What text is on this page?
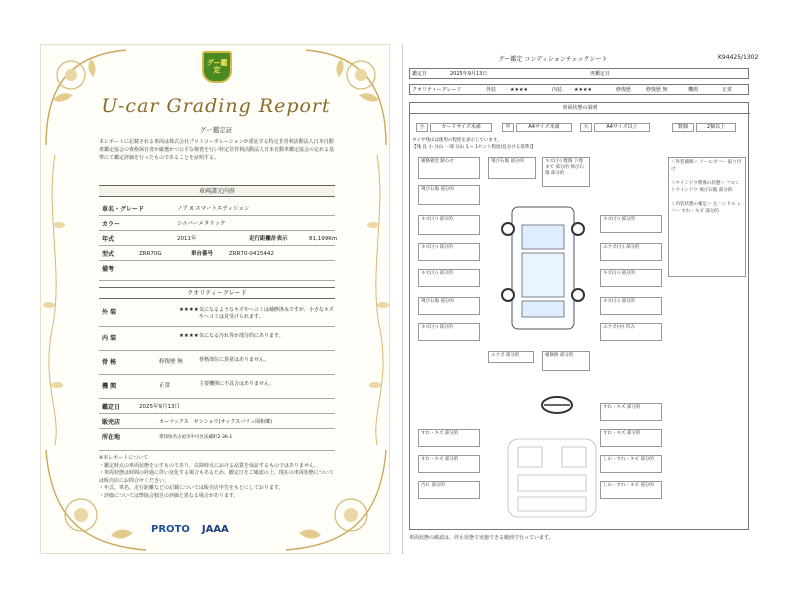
グー鑑定
U-car Grading Report
グー鑑定証
本レポートに記載される車両は株式会社プロトコーポレーションが委託する特定非営利活動法人日本自動車鑑定協会の資格保有者が厳選かつ公平な検査を行い特定非営利活動法人日本自動車鑑定協会の定める基準にて鑑定評価を行ったものであることを証明する。
車両諸元内容
車名・グレード	ノア X スマートエディション
カラー	シルバーメタリック
年式	2011年	走行距離計表示	81,199Km
型式	ZRR70G	車台番号	ZRR70-0415442
備考
クオリティーグレード
外 装	★★★★ 気になるようなキズやヘコミは補修済みですが、小さなキズやヘコミは見受けられます。
内 装	★★★★ 気になる汚れ等が部分的にあります。
骨 格	修復歴 無	骨格部位に異常はありません。
機 関	正常	主要機関に不具合はありません。
鑑定日	2025年9月13日
販売店	カーマックス　ゼンショウ(オックスバリュ岡和郷)
所在地	愛知県名古屋市中川区法蔵町2-36-1
※本レポートについて
・鑑定時点の車両状態を示すものであり、以降時点における品質を保証するものではありません。
・車両状態は時間の経過に伴い変化する場合もあるため、鑑定日をご確認の上、現在の車両状態については販売店にお問合せください。
・年式、車名、走行距離などの記載については販売店申告をもとにしております。
・評価については弊協会独自の評価と異なる場合があります。
PROTO JAAA
グー鑑定 コンディションチェックシート	K94425/1302
鑑定日	2025年9月13日	再鑑定日
クオリティーグレード	外装	★★★★	内装 ★★★★	修復歴	修復歴 無	機関	正常
車両状態の説明
小	カードサイズ未満	中	A4サイズ未満	大	A4サイズ以上	数個	2個以上
タイヤ残山は使用の程度を表示しています。
【残 良 小 分山 一部 分山 1 ~ 1セント程度(見分ける基準)】
補修板金 跡わせ
飛び石傷 部分的
キズ(小) 部分的
キズ(小) 部分的
キズ(小) 部分的
飛び石傷 部分的
キズ(小) 部分的
飛び石傷 部分的	キズ(小) 数個 下地まで 部分的 飛び石傷 部分的
エクボ 部分的	補修跡 部分的
キズ(小) 部分的
エクボ(小) 部分的
キズ(小) 部分的
キズ(小) 部分的
エクボ(中) 凹み
＜外装補修＞ リールカバー 取り付け

＜ウインドウ関係の状態＞ フロントウインドウ 飛び石傷 部分的

＜内装状態の補足＞ 左ハンドル レバー すれ・キズ 部分的
すれ・キズ 部分的
すれ・キズ 部分的
汚れ 部分的
すれ・キズ 部分的
すれ・キズ 部分的
しわ・すれ・キズ 部分的
しわ・すれ・キズ 部分的
車両状態の確認は、停止状態で実施できる範囲で行っています。
